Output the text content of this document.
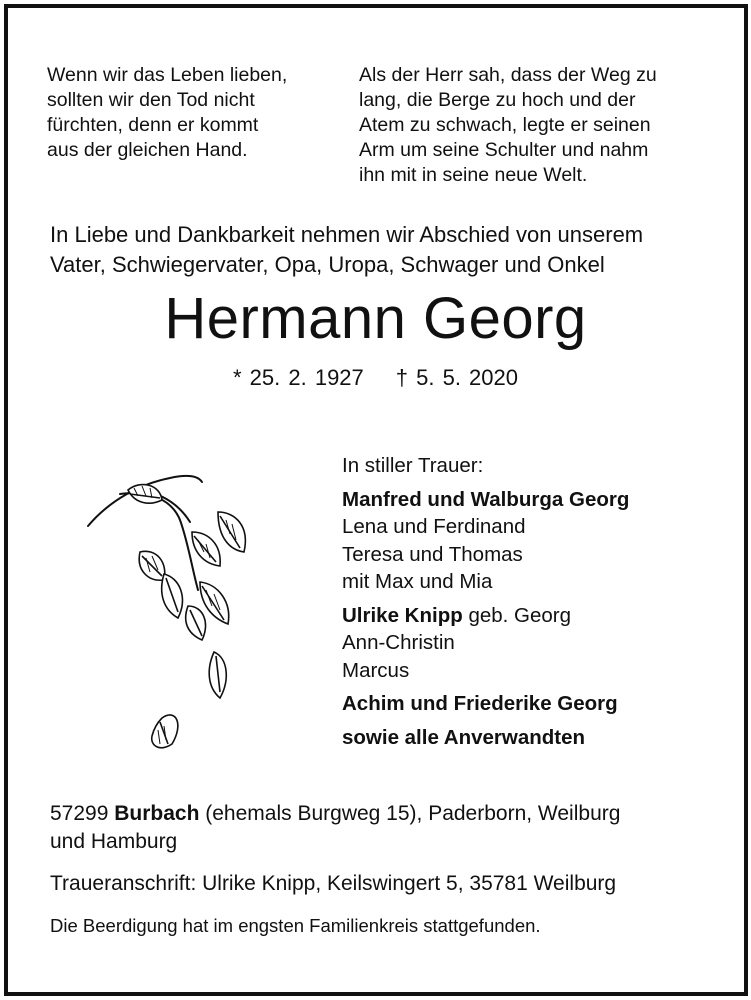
Wenn wir das Leben lieben,
sollten wir den Tod nicht
fürchten, denn er kommt
aus der gleichen Hand.
Als der Herr sah, dass der Weg zu
lang, die Berge zu hoch und der
Atem zu schwach, legte er seinen
Arm um seine Schulter und nahm
ihn mit in seine neue Welt.
In Liebe und Dankbarkeit nehmen wir Abschied von unserem
Vater, Schwiegervater, Opa, Uropa, Schwager und Onkel
Hermann Georg
* 25. 2. 1927 † 5. 5. 2020
In stiller Trauer:
Manfred und Walburga Georg
Lena und Ferdinand
Teresa und Thomas
mit Max und Mia
Ulrike Knipp geb. Georg
Ann-Christin
Marcus
Achim und Friederike Georg
sowie alle Anverwandten
57299 Burbach (ehemals Burgweg 15), Paderborn, Weilburg
und Hamburg
Traueranschrift: Ulrike Knipp, Keilswingert 5, 35781 Weilburg
Die Beerdigung hat im engsten Familienkreis stattgefunden.
